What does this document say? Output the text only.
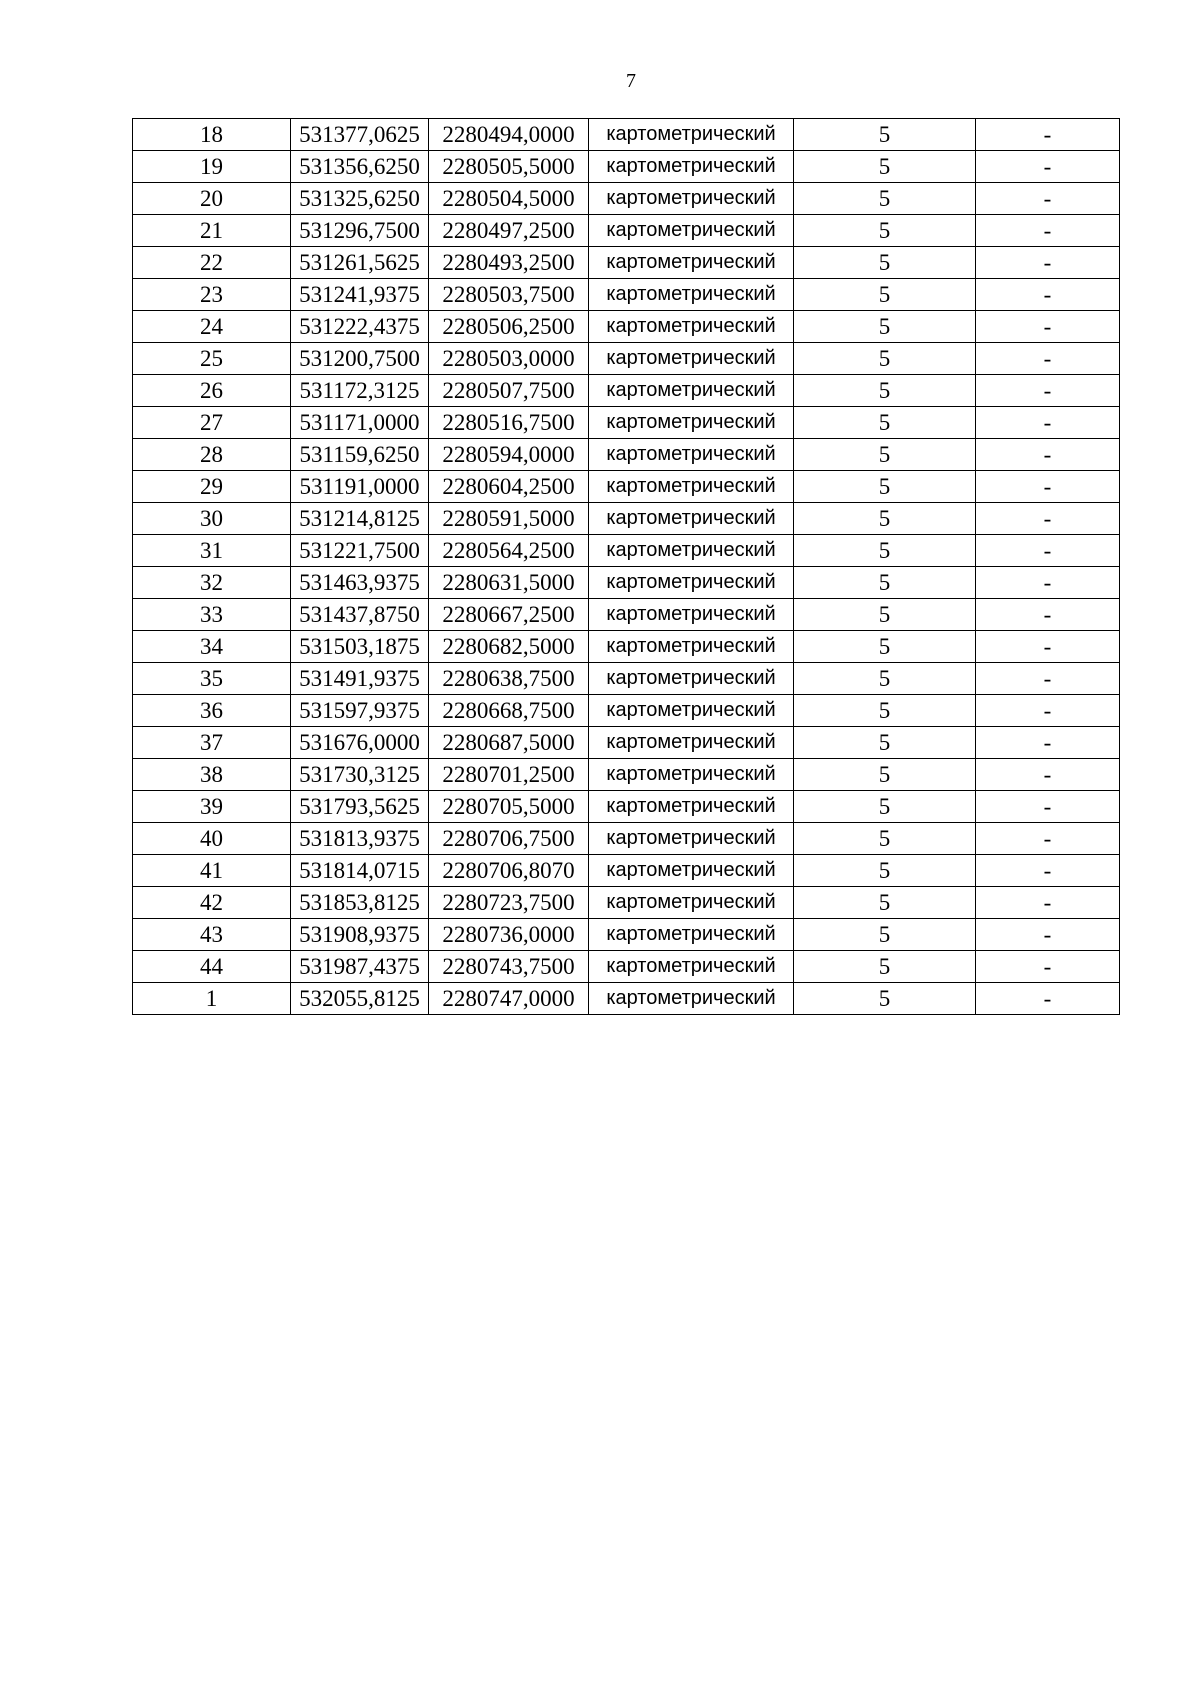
7
18	531377,0625	2280494,0000	картометрический	5	-
19	531356,6250	2280505,5000	картометрический	5	-
20	531325,6250	2280504,5000	картометрический	5	-
21	531296,7500	2280497,2500	картометрический	5	-
22	531261,5625	2280493,2500	картометрический	5	-
23	531241,9375	2280503,7500	картометрический	5	-
24	531222,4375	2280506,2500	картометрический	5	-
25	531200,7500	2280503,0000	картометрический	5	-
26	531172,3125	2280507,7500	картометрический	5	-
27	531171,0000	2280516,7500	картометрический	5	-
28	531159,6250	2280594,0000	картометрический	5	-
29	531191,0000	2280604,2500	картометрический	5	-
30	531214,8125	2280591,5000	картометрический	5	-
31	531221,7500	2280564,2500	картометрический	5	-
32	531463,9375	2280631,5000	картометрический	5	-
33	531437,8750	2280667,2500	картометрический	5	-
34	531503,1875	2280682,5000	картометрический	5	-
35	531491,9375	2280638,7500	картометрический	5	-
36	531597,9375	2280668,7500	картометрический	5	-
37	531676,0000	2280687,5000	картометрический	5	-
38	531730,3125	2280701,2500	картометрический	5	-
39	531793,5625	2280705,5000	картометрический	5	-
40	531813,9375	2280706,7500	картометрический	5	-
41	531814,0715	2280706,8070	картометрический	5	-
42	531853,8125	2280723,7500	картометрический	5	-
43	531908,9375	2280736,0000	картометрический	5	-
44	531987,4375	2280743,7500	картометрический	5	-
1	532055,8125	2280747,0000	картометрический	5	-
